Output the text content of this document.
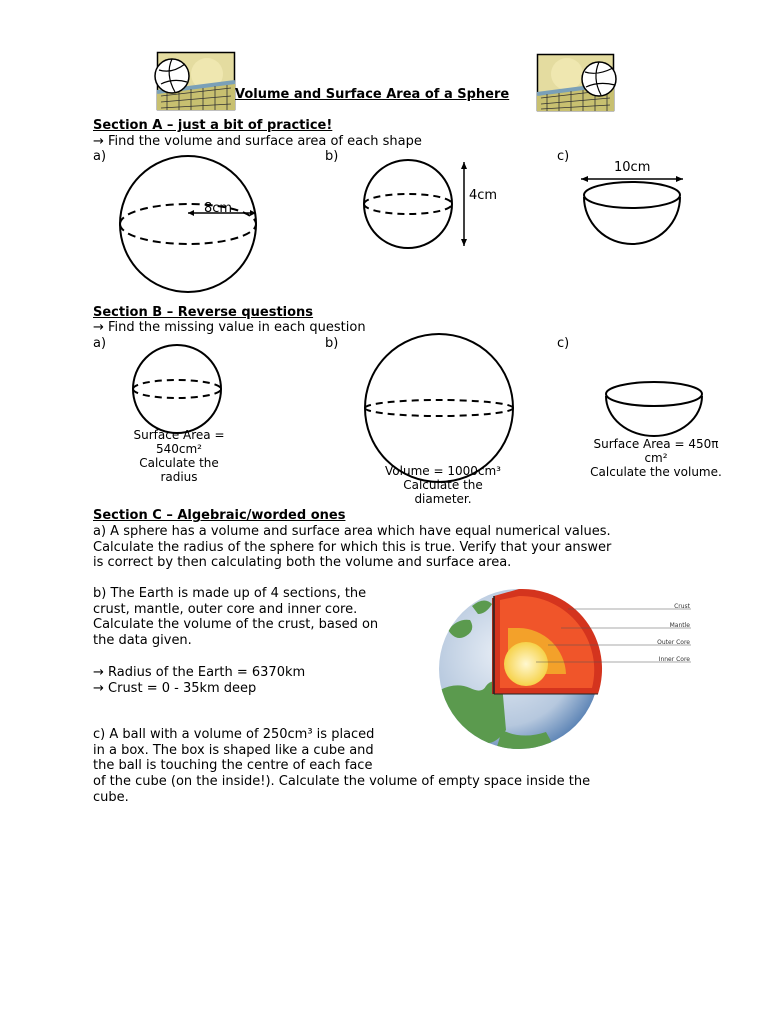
Volume and Surface Area of a Sphere
Section A – just a bit of practice!
→ Find the volume and surface area of each shape
a)	b)	c)
8cm
4cm
10cm
Section B – Reverse questions
→ Find the missing value in each question
a)	b)	c)
Surface Area =
540cm²
Calculate the
radius	Volume = 1000cm³
Calculate the
diameter.
Surface Area = 450π
cm²
Calculate the volume.
Section C – Algebraic/worded ones
a) A sphere has a volume and surface area which have equal numerical values.
Calculate the radius of the sphere for which this is true. Verify that your answer
is correct by then calculating both the volume and surface area.
b) The Earth is made up of 4 sections, the
crust, mantle, outer core and inner core.
Calculate the volume of the crust, based on
the data given.
→ Radius of the Earth = 6370km
→ Crust = 0 - 35km deep
Crust
Mantle
Outer Core
Inner Core
c) A ball with a volume of 250cm³ is placed
in a box. The box is shaped like a cube and
the ball is touching the centre of each face
of the cube (on the inside!). Calculate the volume of empty space inside the
cube.
